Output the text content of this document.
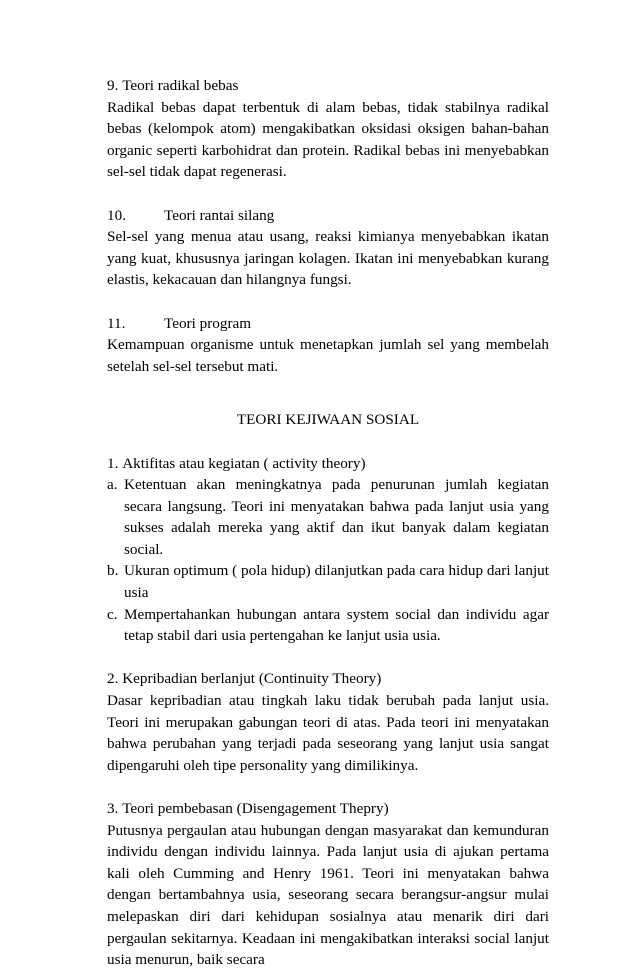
9. Teori radikal bebas

Radikal bebas dapat terbentuk di alam bebas, tidak stabilnya radikal bebas (kelompok atom) mengakibatkan oksidasi oksigen bahan-bahan organic seperti karbohidrat dan protein. Radikal bebas ini menyebabkan sel-sel tidak dapat regenerasi.

10.	Teori rantai silang

Sel-sel yang menua atau usang, reaksi kimianya menyebabkan ikatan yang kuat, khususnya jaringan kolagen. Ikatan ini menyebabkan kurang elastis, kekacauan dan hilangnya fungsi.

11.	Teori program

Kemampuan organisme untuk menetapkan jumlah sel yang membelah setelah sel-sel tersebut mati.

TEORI KEJIWAAN SOSIAL

1. Aktifitas atau kegiatan ( activity theory)

a. Ketentuan akan meningkatnya pada penurunan jumlah kegiatan secara langsung. Teori ini menyatakan bahwa pada lanjut usia yang sukses adalah mereka yang aktif dan ikut banyak dalam kegiatan social.
b. Ukuran optimum ( pola hidup) dilanjutkan pada cara hidup dari lanjut usia
c. Mempertahankan hubungan antara system social dan individu agar tetap stabil dari usia pertengahan ke lanjut usia usia.

2. Kepribadian berlanjut (Continuity Theory)

Dasar kepribadian atau tingkah laku tidak berubah pada lanjut usia. Teori ini merupakan gabungan teori di atas. Pada teori ini menyatakan bahwa perubahan yang terjadi pada seseorang yang lanjut usia sangat dipengaruhi oleh tipe personality yang dimilikinya.

3. Teori pembebasan (Disengagement Thepry)

Putusnya pergaulan atau hubungan dengan masyarakat dan kemunduran individu dengan individu lainnya. Pada lanjut usia di ajukan pertama kali oleh Cumming and Henry 1961. Teori ini menyatakan bahwa dengan bertambahnya usia, seseorang secara berangsur-angsur mulai melepaskan diri dari kehidupan sosialnya atau menarik diri dari pergaulan sekitarnya. Keadaan ini mengakibatkan interaksi social lanjut usia menurun, baik secara
